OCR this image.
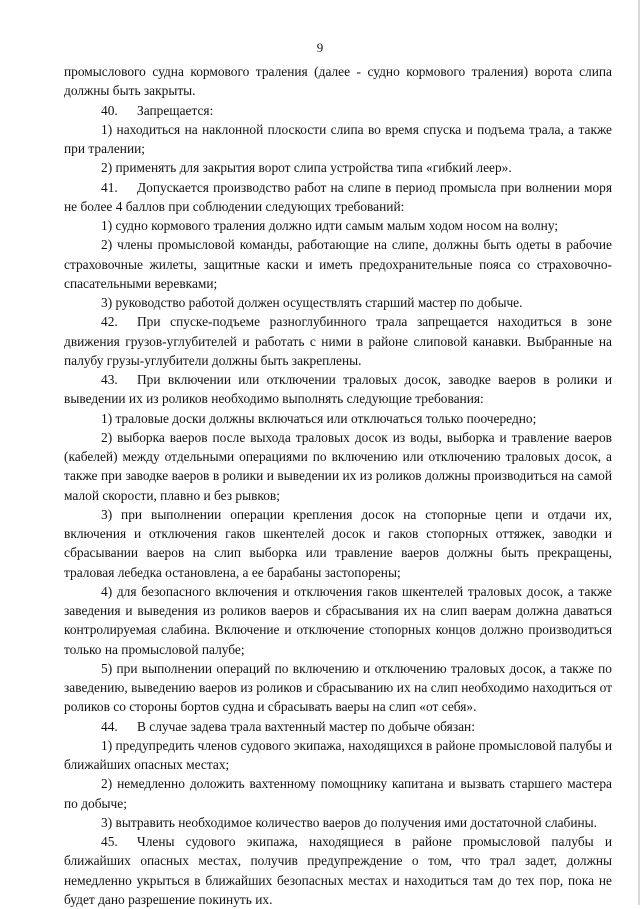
9

промыслового судна кормового траления (далее - судно кормового траления) ворота слипа должны быть закрыты.

40. Запрещается:

1) находиться на наклонной плоскости слипа во время спуска и подъема трала, а также при тралении;

2) применять для закрытия ворот слипа устройства типа «гибкий леер».

41. Допускается производство работ на слипе в период промысла при волнении моря не более 4 баллов при соблюдении следующих требований:

1) судно кормового траления должно идти самым малым ходом носом на волну;

2) члены промысловой команды, работающие на слипе, должны быть одеты в рабочие страховочные жилеты, защитные каски и иметь предохранительные пояса со страховочно-спасательными веревками;

3) руководство работой должен осуществлять старший мастер по добыче.

42. При спуске-подъеме разноглубинного трала запрещается находиться в зоне движения грузов-углубителей и работать с ними в районе слиповой канавки. Выбранные на палубу грузы-углубители должны быть закреплены.

43. При включении или отключении траловых досок, заводке ваеров в ролики и выведении их из роликов необходимо выполнять следующие требования:

1) траловые доски должны включаться или отключаться только поочередно;

2) выборка ваеров после выхода траловых досок из воды, выборка и травление ваеров (кабелей) между отдельными операциями по включению или отключению траловых досок, а также при заводке ваеров в ролики и выведении их из роликов должны производиться на самой малой скорости, плавно и без рывков;

3) при выполнении операции крепления досок на стопорные цепи и отдачи их, включения и отключения гаков шкентелей досок и гаков стопорных оттяжек, заводки и сбрасывании ваеров на слип выборка или травление ваеров должны быть прекращены, траловая лебедка остановлена, а ее барабаны застопорены;

4) для безопасного включения и отключения гаков шкентелей траловых досок, а также заведения и выведения из роликов ваеров и сбрасывания их на слип ваерам должна даваться контролируемая слабина. Включение и отключение стопорных концов должно производиться только на промысловой палубе;

5) при выполнении операций по включению и отключению траловых досок, а также по заведению, выведению ваеров из роликов и сбрасыванию их на слип необходимо находиться от роликов со стороны бортов судна и сбрасывать ваеры на слип «от себя».

44. В случае задева трала вахтенный мастер по добыче обязан:

1) предупредить членов судового экипажа, находящихся в районе промысловой палубы и ближайших опасных местах;

2) немедленно доложить вахтенному помощнику капитана и вызвать старшего мастера по добыче;

3) вытравить необходимое количество ваеров до получения ими достаточной слабины.

45. Члены судового экипажа, находящиеся в районе промысловой палубы и ближайших опасных местах, получив предупреждение о том, что трал задет, должны немедленно укрыться в ближайших безопасных местах и находиться там до тех пор, пока не будет дано разрешение покинуть их.
